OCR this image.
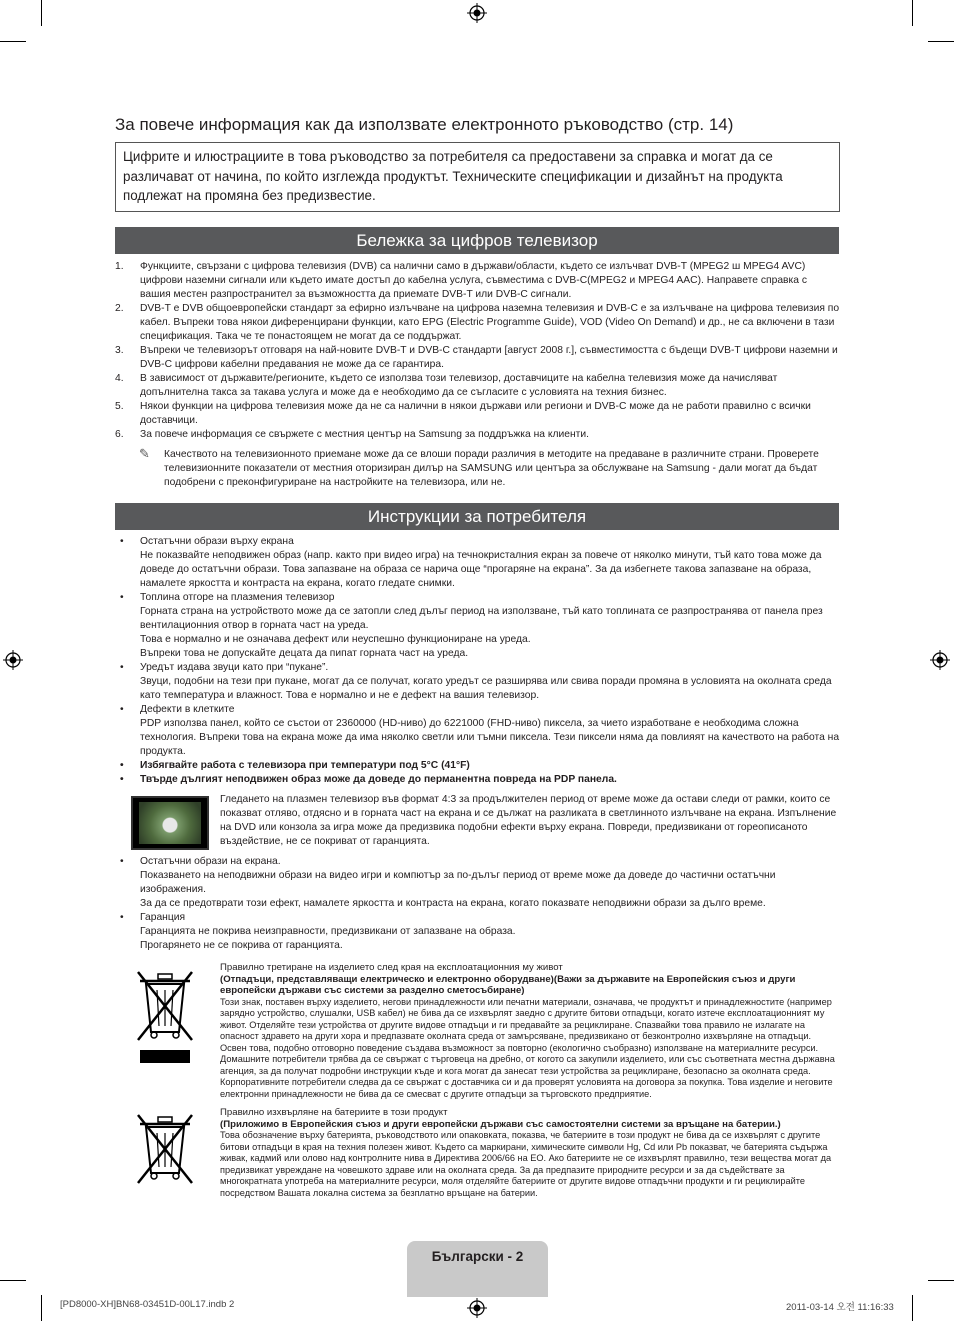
За повече информация как да използвате електронното ръководство (стр. 14)
Цифрите и илюстрациите в това ръководство за потребителя са предоставени за справка и могат да се различават от начина, по който изглежда продуктът. Техническите спецификации и дизайнът на продукта подлежат на промяна без предизвестие.
Бележка за цифров телевизор
1. Функциите, свързани с цифрова телевизия (DVB) са налични само в държави/области, където се излъчват DVB-T (MPEG2 ш MPEG4 AVC) цифрови наземни сигнали или където имате достъп до кабелна услуга, съвместима с DVB-C(MPEG2 и MPEG4 AAC). Направете справка с вашия местен разпространител за възможността да приемате DVB-T или DVB-C сигнали.
2. DVB-T е DVB общоевропейски стандарт за ефирно излъчване на цифрова наземна телевизия и DVB-C е за излъчване на цифрова телевизия по кабел. Въпреки това някои диференцирани функции, като EPG (Electric Programme Guide), VOD (Video On Demand) и др., не са включени в тази спецификация. Така че те понастоящем не могат да се поддържат.
3. Въпреки че телевизорът отговаря на най-новите DVB-T и DVB-C стандарти [август 2008 г.], съвместимостта с бъдещи DVB-T цифрови наземни и DVB-C цифрови кабелни предавания не може да се гарантира.
4. В зависимост от държавите/регионите, където се използва този телевизор, доставчиците на кабелна телевизия може да начисляват допълнителна такса за такава услуга и може да е необходимо да се съгласите с условията на техния бизнес.
5. Някои функции на цифрова телевизия може да не са налични в някои държави или региони и DVB-C може да не работи правилно с всички доставчици.
6. За повече информация се свържете с местния център на Samsung за поддръжка на клиенти.
✎	Качеството на телевизионното приемане може да се влоши поради различия в методите на предаване в различните страни. Проверете телевизионните показатели от местния оторизиран дилър на SAMSUNG или центъра за обслужване на Samsung - дали могат да бъдат подобрени с преконфигуриране на настройките на телевизора, или не.
Инструкции за потребителя
• Остатъчни образи върху екрана
Не показвайте неподвижен образ (напр. както при видео игра) на течнокристалния екран за повече от няколко минути, тъй като това може да доведе до остатъчни образи. Това запазване на образа се нарича още “прогаряне на екрана”. За да избегнете такова запазване на образа, намалете яркостта и контраста на екрана, когато гледате снимки.
• Топлина отгоре на плазмения телевизор
Горната страна на устройството може да се затопли след дълъг период на използване, тъй като топлината се разпространява от панела през вентилационния отвор в горната част на уреда.
Това е нормално и не означава дефект или неуспешно функциониране на уреда.
Въпреки това не допускайте децата да пипат горната част на уреда.
• Уредът издава звуци като при “пукане”.
Звуци, подобни на тези при пукане, могат да се получат, когато уредът се разширява или свива поради промяна в условията на околната среда като температура и влажност. Това е нормално и не е дефект на вашия телевизор.
• Дефекти в клетките
PDP използва панел, който се състои от 2360000 (HD-ниво) до 6221000 (FHD-ниво) пиксела, за чието изработване е необходима сложна технология. Въпреки това на екрана може да има няколко светли или тъмни пиксела. Тези пиксели няма да повлияят на качеството на работа на продукта.
• Избягвайте работа с телевизора при температури под 5°C (41°F)
• Твърде дългият неподвижен образ може да доведе до перманентна повреда на PDP панела.
Гледането на плазмен телевизор във формат 4:3 за продължителен период от време може да остави следи от рамки, които се показват отляво, отдясно и в горната част на екрана и се дължат на разликата в светлинното излъчване на екрана. Изпълнение на DVD или конзола за игра може да предизвика подобни ефекти върху екрана. Повреди, предизвикани от гореописаното въздействие, не се покриват от гаранцията.
• Остатъчни образи на екрана.
Показването на неподвижни образи на видео игри и компютър за по-дълъг период от време може да доведе до частични остатъчни изображения.
За да се предотврати този ефект, намалете яркостта и контраста на екрана, когато показвате неподвижни образи за дълго време.
• Гаранция
Гаранцията не покрива неизправности, предизвикани от запазване на образа.
Прогарянето не се покрива от гаранцията.
Правилно третиране на изделието след края на експлоатационния му живот
(Отпадъци, представляващи електрическо и електронно оборудване)(Важи за държавите на Европейския съюз и други европейски държави със системи за разделно сметосъбиране)
Този знак, поставен върху изделието, негови принадлежности или печатни материали, означава, че продуктът и принадлежностите (например зарядно устройство, слушалки, USB кабел) не бива да се изхвърлят заедно с другите битови отпадъци, когато изтече експлоатационният му живот. Отделяйте тези устройства от другите видове отпадъци и ги предавайте за рециклиране. Спазвайки това правило не излагате на опасност здравето на други хора и предпазвате околната среда от замърсяване, предизвикано от безконтролно изхвърляне на отпадъци. Освен това, подобно отговорно поведение създава възможност за повторно (екологично съобразно) използване на материалните ресурси. Домашните потребители трябва да се свържат с търговеца на дребно, от когото са закупили изделието, или със съответната местна държавна агенция, за да получат подробни инструкции къде и кога могат да занесат тези устройства за рециклиране, безопасно за околната среда. Корпоративните потребители следва да се свържат с доставчика си и да проверят условията на договора за покупка. Това изделие и неговите електронни принадлежности не бива да се смесват с другите отпадъци за търговското предприятие.
Правилно изхвърляне на батериите в този продукт
(Приложимо в Европейския съюз и други европейски държави със самостоятелни системи за връщане на батерии.)
Това обозначение върху батерията, ръководството или опаковката, показва, че батериите в този продукт не бива да се изхвърлят с другите битови отпадъци в края на техния полезен живот. Където са маркирани, химическите символи Hg, Cd или Pb показват, че батерията съдържа живак, кадмий или олово над контролните нива в Директива 2006/66 на ЕО. Ако батериите не се изхвърлят правилно, тези вещества могат да предизвикат увреждане на човешкото здраве или на околната среда. За да предпазите природните ресурси и за да съдействате за многократната употреба на материалните ресурси, моля отделяйте батериите от другите видове отпадъчни продукти и ги рециклирайте посредством Вашата локална система за безплатно връщане на батерии.
Български - 2
[PD8000-XH]BN68-03451D-00L17.indb 2	2011-03-14 오전 11:16:33
